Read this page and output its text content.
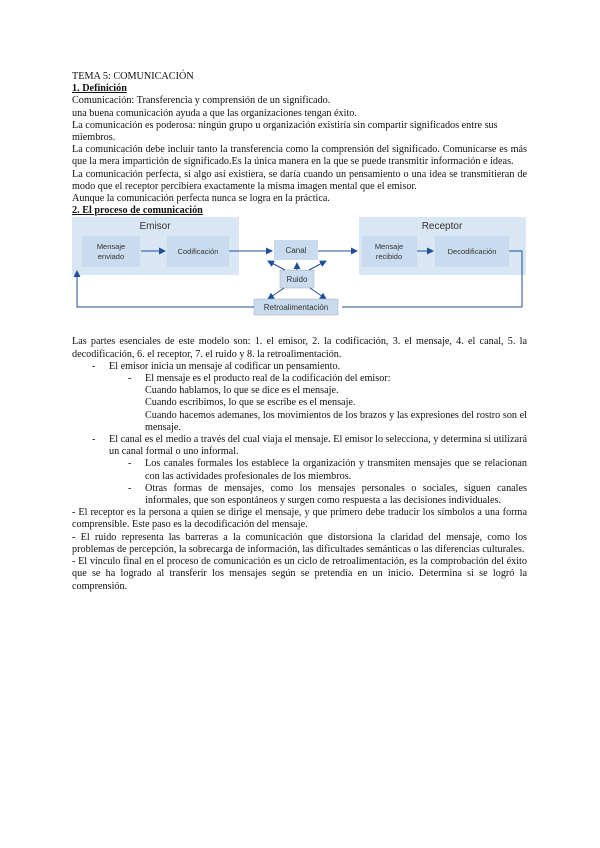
TEMA 5: COMUNICACIÓN

1. Definición

Comunicación: Transferencia y comprensión de un significado.

una buena comunicación ayuda a que las organizaciones tengan éxito.

La comunicación es poderosa: ningún grupo u organización existiría sin compartir significados entre sus miembros.

La comunicación debe incluir tanto la transferencia como la comprensión del significado. Comunicarse es más que la mera impartición de significado.Es la única manera en la que se puede transmitir información e ideas.

La comunicación perfecta, si algo así existiera, se daría cuando un pensamiento o una idea se transmitieran de modo que el receptor percibiera exactamente la misma imagen mental que el emisor.

Aunque la comunicación perfecta nunca se logra en la práctica.

2. El proceso de comunicación

Emisor
Mensaje
enviado
Codificación	Canal
Ruido
Receptor
Mensaje
recibido
Decodificación
Retroalimentación

Las partes esenciales de este modelo son: 1. el emisor, 2. la codificación, 3. el mensaje, 4. el canal, 5. la decodificación, 6. el receptor, 7. el ruido y 8. la retroalimentación.

- El emisor inicia un mensaje al codificar un pensamiento.

- El mensaje es el producto real de la codificación del emisor:

Cuando hablamos, lo que se dice es el mensaje.

Cuando escribimos, lo que se escribe es el mensaje.

Cuando hacemos ademanes, los movimientos de los brazos y las expresiones del rostro son el mensaje.

- El canal es el medio a través del cual viaja el mensaje. El emisor lo selecciona, y determina si utilizará un canal formal o uno informal.

- Los canales formales los establece la organización y transmiten mensajes que se relacionan con las actividades profesionales de los miembros.

- Otras formas de mensajes, como los mensajes personales o sociales, siguen canales informales, que son espontáneos y surgen como respuesta a las decisiones individuales.

- El receptor es la persona a quien se dirige el mensaje, y que primero debe traducir los símbolos a una forma comprensible. Este paso es la decodificación del mensaje.

- El ruido representa las barreras a la comunicación que distorsiona la claridad del mensaje, como los problemas de percepción, la sobrecarga de información, las dificultades semánticas o las diferencias culturales.

- El vínculo final en el proceso de comunicación es un ciclo de retroalimentación, es la comprobación del éxito que se ha logrado al transferir los mensajes según se pretendía en un inicio. Determina si se logró la comprensión.
